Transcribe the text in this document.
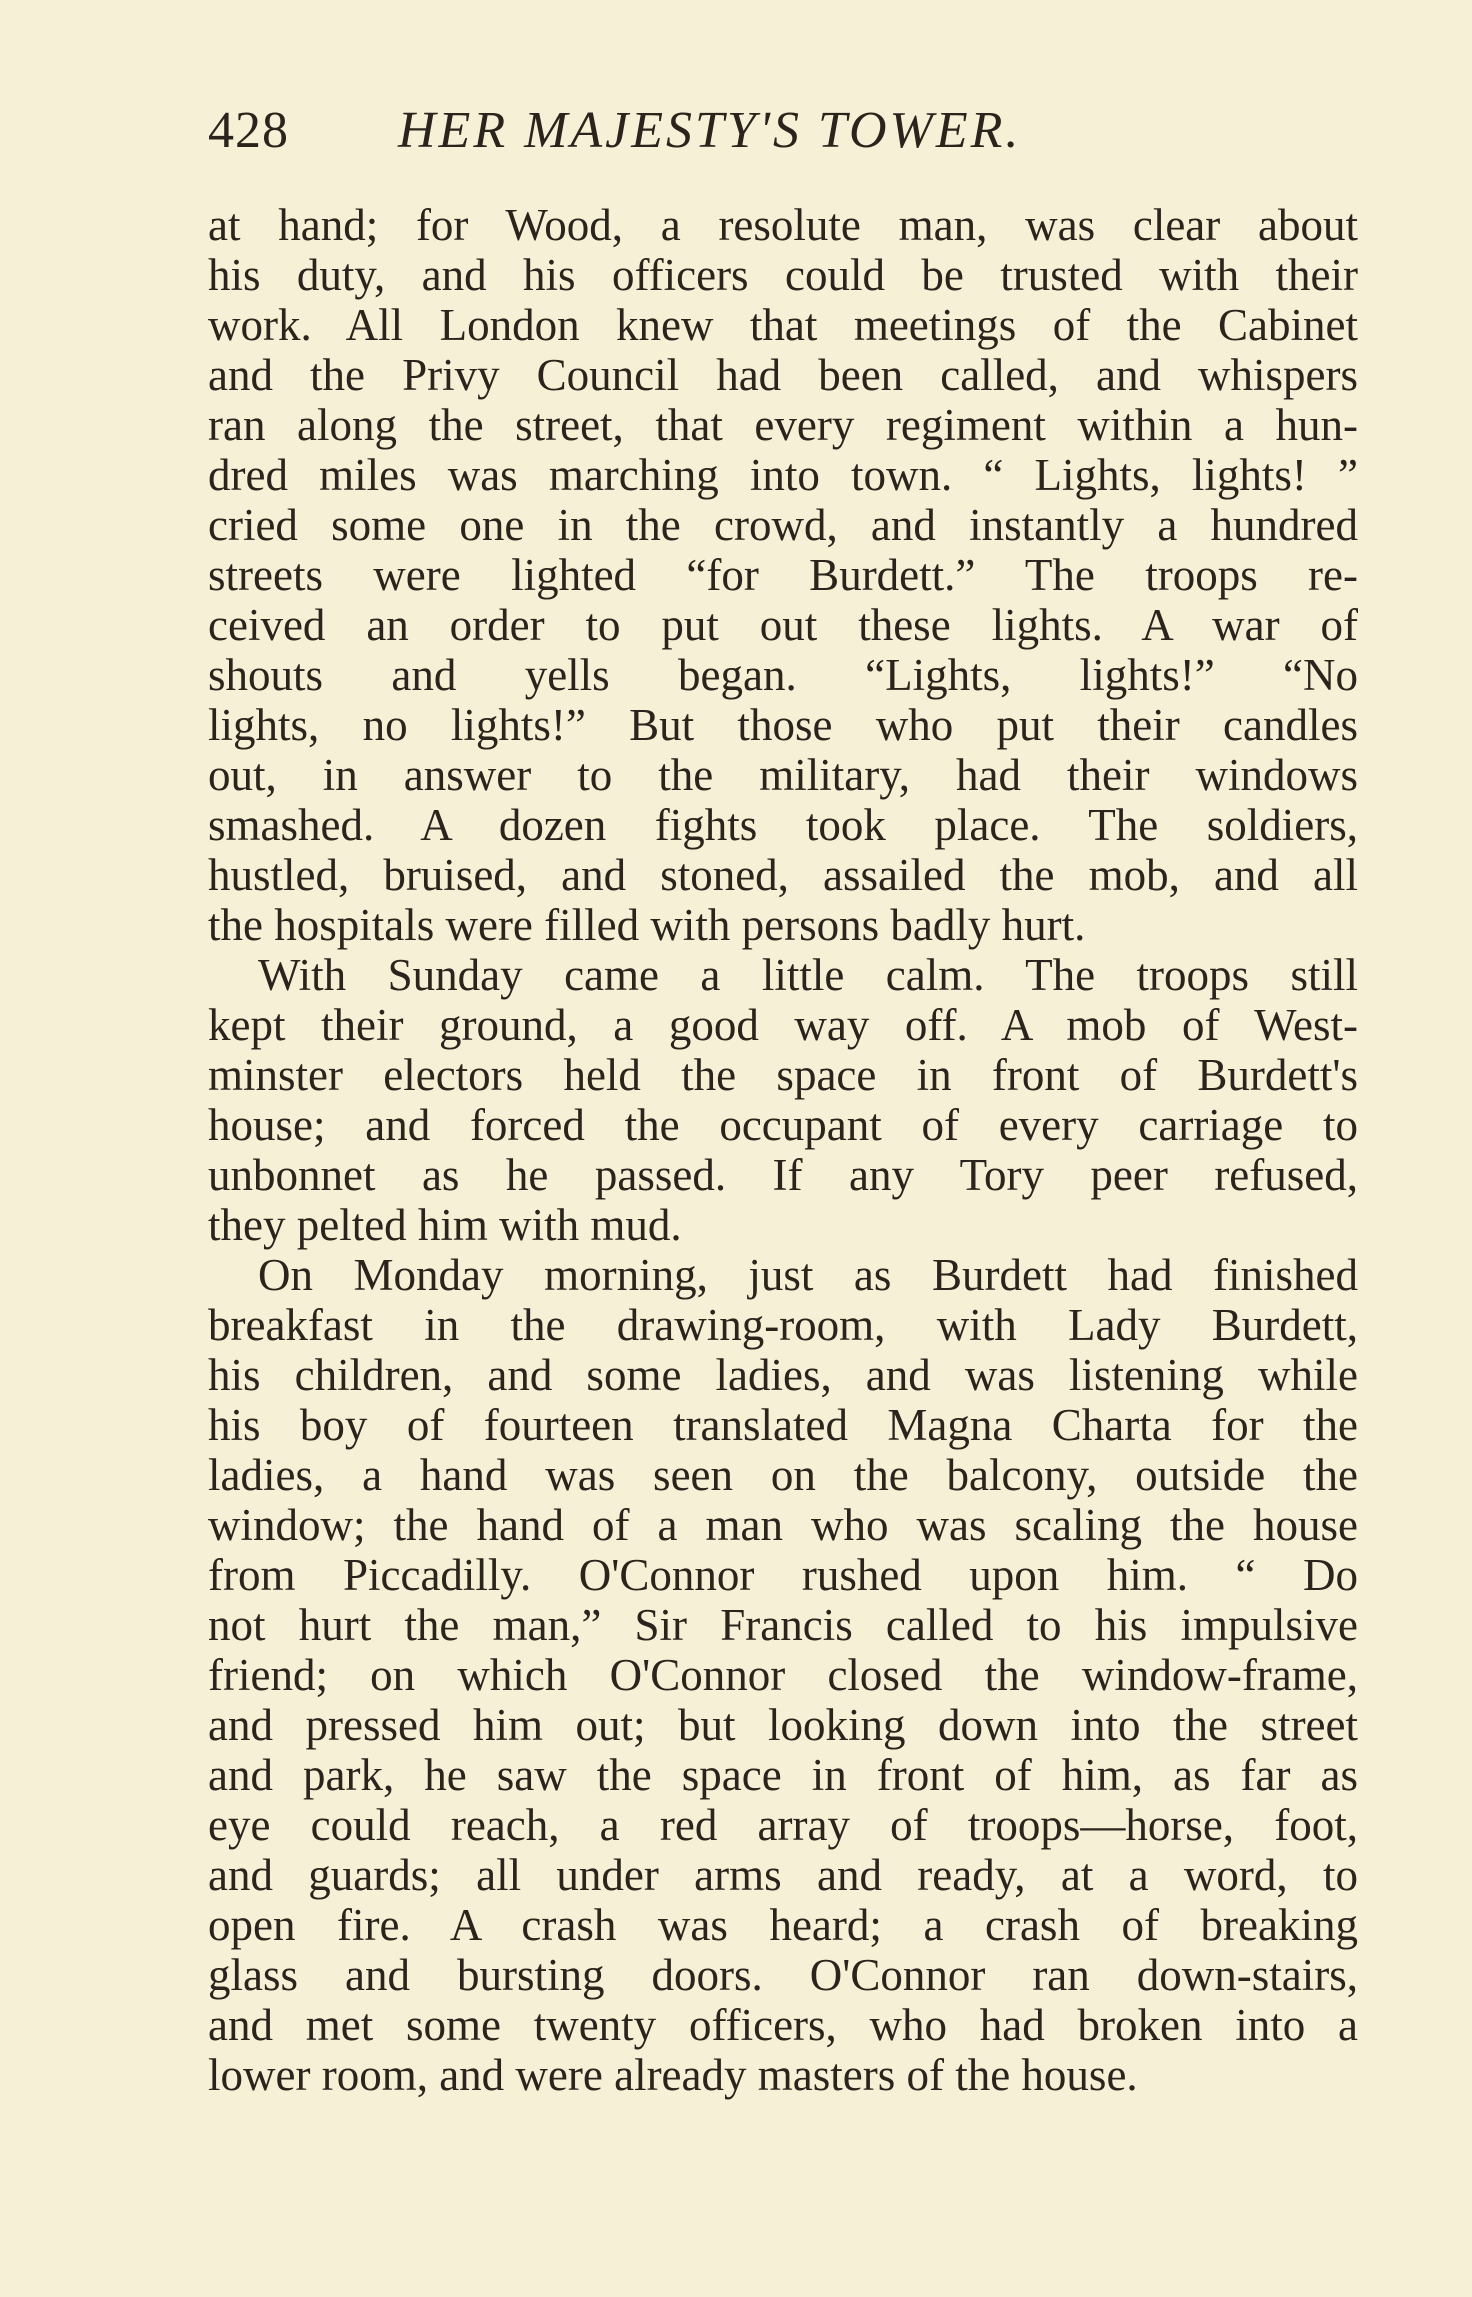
428 HER MAJESTY'S TOWER.
at hand; for Wood, a resolute man, was clear about
his duty, and his officers could be trusted with their
work. All London knew that meetings of the Cabinet
and the Privy Council had been called, and whispers
ran along the street, that every regiment within a hun-
dred miles was marching into town. “ Lights, lights! ”
cried some one in the crowd, and instantly a hundred
streets were lighted “for Burdett.” The troops re-
ceived an order to put out these lights. A war of
shouts and yells began. “Lights, lights!” “No
lights, no lights!” But those who put their candles
out, in answer to the military, had their windows
smashed. A dozen fights took place. The soldiers,
hustled, bruised, and stoned, assailed the mob, and all
the hospitals were filled with persons badly hurt.
With Sunday came a little calm. The troops still
kept their ground, a good way off. A mob of West-
minster electors held the space in front of Burdett's
house; and forced the occupant of every carriage to
unbonnet as he passed. If any Tory peer refused,
they pelted him with mud.
On Monday morning, just as Burdett had finished
breakfast in the drawing-room, with Lady Burdett,
his children, and some ladies, and was listening while
his boy of fourteen translated Magna Charta for the
ladies, a hand was seen on the balcony, outside the
window; the hand of a man who was scaling the house
from Piccadilly. O'Connor rushed upon him. “ Do
not hurt the man,” Sir Francis called to his impulsive
friend; on which O'Connor closed the window-frame,
and pressed him out; but looking down into the street
and park, he saw the space in front of him, as far as
eye could reach, a red array of troops—horse, foot,
and guards; all under arms and ready, at a word, to
open fire. A crash was heard; a crash of breaking
glass and bursting doors. O'Connor ran down-stairs,
and met some twenty officers, who had broken into a
lower room, and were already masters of the house.
